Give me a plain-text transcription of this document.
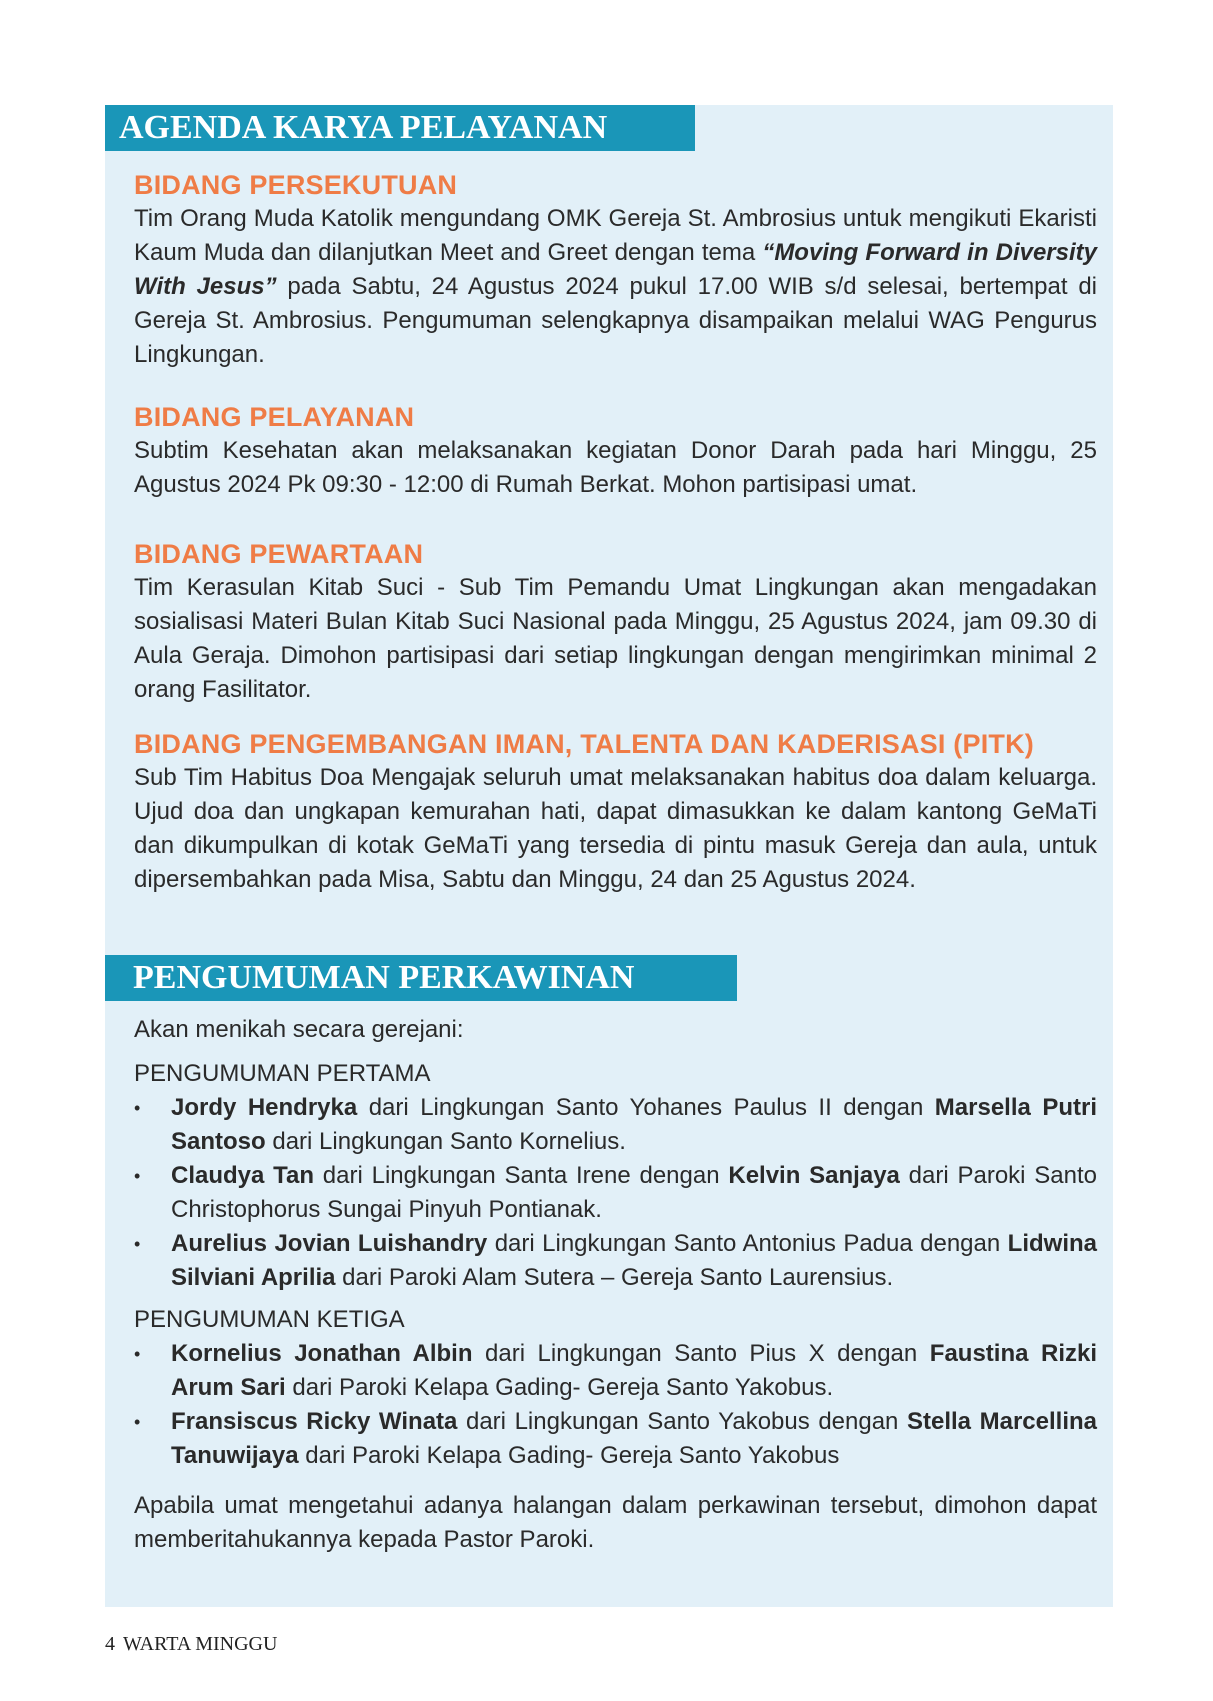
AGENDA KARYA PELAYANAN

BIDANG PERSEKUTUAN

Tim Orang Muda Katolik mengundang OMK Gereja St. Ambrosius untuk mengikuti Ekaristi Kaum Muda dan dilanjutkan Meet and Greet dengan tema “Moving Forward in Diversity With Jesus” pada Sabtu, 24 Agustus 2024 pukul 17.00 WIB s/d selesai, bertempat di Gereja St. Ambrosius. Pengumuman selengkapnya disampaikan melalui WAG Pengurus Lingkungan.

BIDANG PELAYANAN

Subtim Kesehatan akan melaksanakan kegiatan Donor Darah pada hari Minggu, 25 Agustus 2024 Pk 09:30 - 12:00 di Rumah Berkat. Mohon partisipasi umat.

BIDANG PEWARTAAN

Tim Kerasulan Kitab Suci - Sub Tim Pemandu Umat Lingkungan akan mengadakan sosialisasi Materi Bulan Kitab Suci Nasional pada Minggu, 25 Agustus 2024, jam 09.30 di Aula Geraja. Dimohon partisipasi dari setiap lingkungan dengan mengirimkan minimal 2 orang Fasilitator.

BIDANG PENGEMBANGAN IMAN, TALENTA DAN KADERISASI (PITK)

Sub Tim Habitus Doa Mengajak seluruh umat melaksanakan habitus doa dalam keluarga. Ujud doa dan ungkapan kemurahan hati, dapat dimasukkan ke dalam kantong GeMaTi dan dikumpulkan di kotak GeMaTi yang tersedia di pintu masuk Gereja dan aula, untuk dipersembahkan pada Misa, Sabtu dan Minggu, 24 dan 25 Agustus 2024.

PENGUMUMAN PERKAWINAN

Akan menikah secara gerejani:

PENGUMUMAN PERTAMA

• Jordy Hendryka dari Lingkungan Santo Yohanes Paulus II dengan Marsella Putri Santoso dari Lingkungan Santo Kornelius.
• Claudya Tan dari Lingkungan Santa Irene dengan Kelvin Sanjaya dari Paroki Santo Christophorus Sungai Pinyuh Pontianak.
• Aurelius Jovian Luishandry dari Lingkungan Santo Antonius Padua dengan Lidwina Silviani Aprilia dari Paroki Alam Sutera – Gereja Santo Laurensius.

PENGUMUMAN KETIGA

• Kornelius Jonathan Albin dari Lingkungan Santo Pius X dengan Faustina Rizki Arum Sari dari Paroki Kelapa Gading- Gereja Santo Yakobus.
• Fransiscus Ricky Winata dari Lingkungan Santo Yakobus dengan Stella Marcellina Tanuwijaya dari Paroki Kelapa Gading- Gereja Santo Yakobus

Apabila umat mengetahui adanya halangan dalam perkawinan tersebut, dimohon dapat memberitahukannya kepada Pastor Paroki.

4 WARTA MINGGU
